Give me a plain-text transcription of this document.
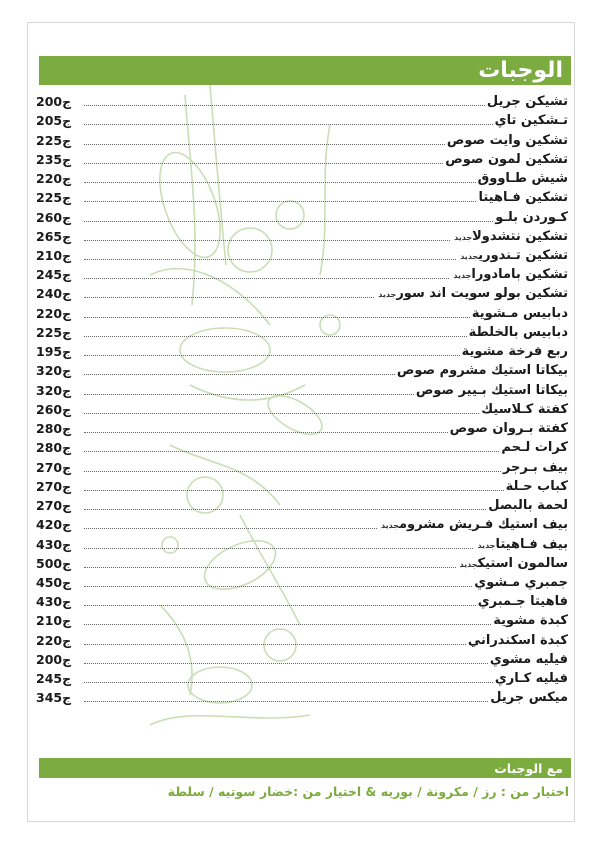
الوجبات
200ج	تشيكن جريل
205ج	تـشكين تاي
225ج	تشكين وايت صوص
235ج	تشكين لمون صوص
220ج	شيش طـاووق
225ج	تشكين فـاهيتا
260ج	كـوردن بلـو
265ج	تشكين نتشدولاجديد
210ج	تشكين تـندوريجديد
245ج	تشكين بامادوراجديد
240ج	تشكين بولو سويت اند سورجديد
220ج	دبابيس مـشوية
225ج	دبابيس بالخلطة
195ج	ربع فرخة مشوية
320ج	بيكاتا استيك مشروم صوص
320ج	بيكاتا استيك بـيير صوص
260ج	كفتة كـلاسيك
280ج	كفتة بـروان صوص
280ج	كرات لـحم
270ج	بيف بـرجر
270ج	كباب حـلة
270ج	لحمة بالبصل
420ج	بيف استيك فـريش مشرومجديد
430ج	بيف فـاهيتاجديد
500ج	سالمون استيكجديد
450ج	جمبري مـشوي
430ج	فاهيتا جـمبري
210ج	كبدة مشوية
220ج	كبدة اسكندراني
200ج	فيليه مشوي
245ج	فيليه كـاري
345ج	ميكس جريل
مع الوجبات
اختيار من : رز / مكرونة / بوريه & اختيار من :خضار سوتيه / سلطة
